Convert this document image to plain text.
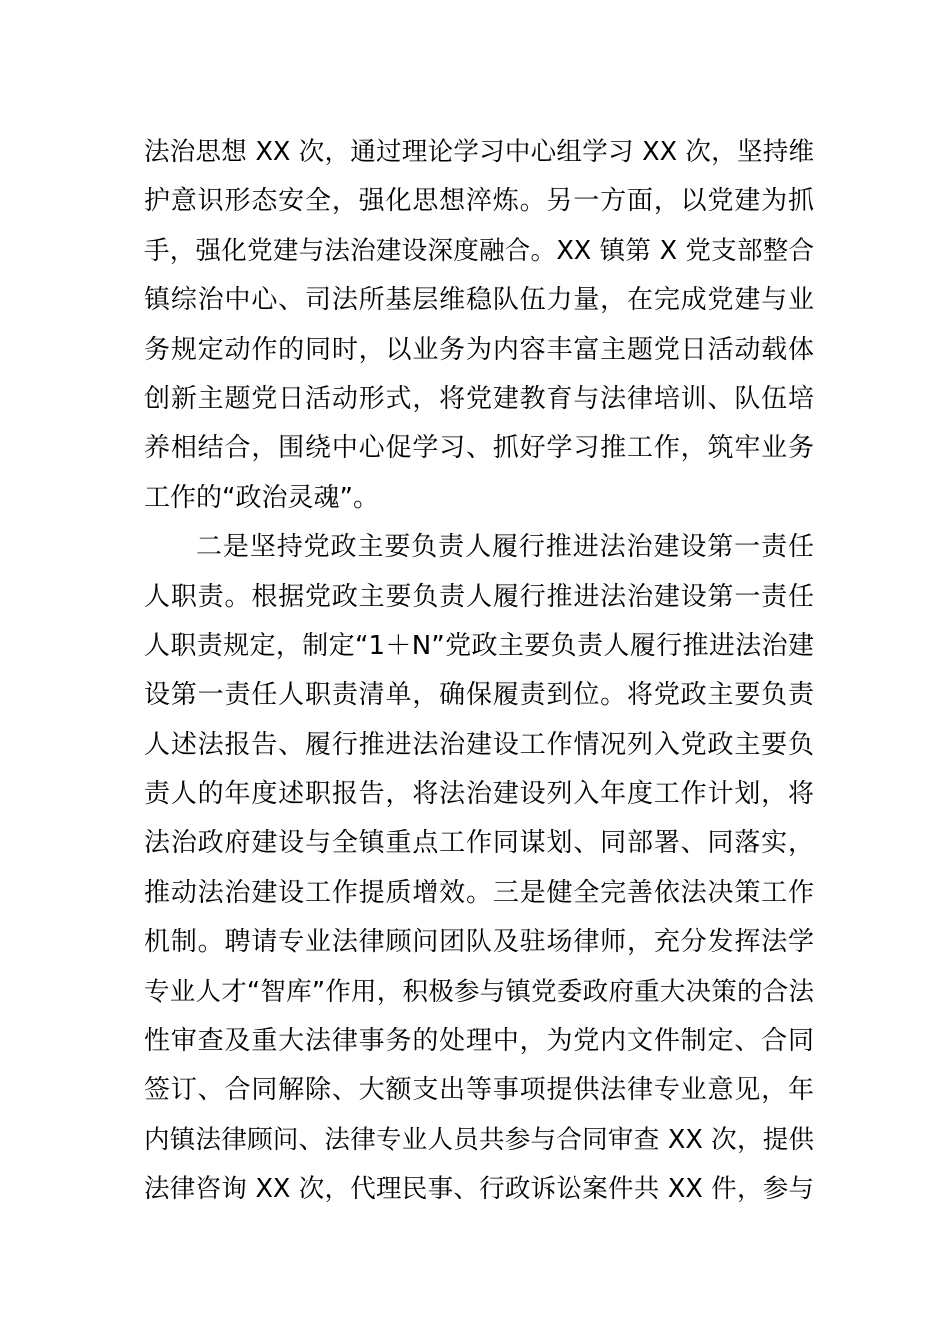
法治思想 XX 次，通过理论学习中心组学习 XX 次，坚持维
护意识形态安全，强化思想淬炼。另一方面，以党建为抓
手，强化党建与法治建设深度融合。XX 镇第 X 党支部整合
镇综治中心、司法所基层维稳队伍力量，在完成党建与业
务规定动作的同时，以业务为内容丰富主题党日活动载体
创新主题党日活动形式，将党建教育与法律培训、队伍培
养相结合，围绕中心促学习、抓好学习推工作，筑牢业务
工作的“政治灵魂”。
二是坚持党政主要负责人履行推进法治建设第一责任
人职责。根据党政主要负责人履行推进法治建设第一责任
人职责规定，制定“1＋N”党政主要负责人履行推进法治建
设第一责任人职责清单，确保履责到位。将党政主要负责
人述法报告、履行推进法治建设工作情况列入党政主要负
责人的年度述职报告，将法治建设列入年度工作计划，将
法治政府建设与全镇重点工作同谋划、同部署、同落实，
推动法治建设工作提质增效。三是健全完善依法决策工作
机制。聘请专业法律顾问团队及驻场律师，充分发挥法学
专业人才“智库”作用，积极参与镇党委政府重大决策的合法
性审查及重大法律事务的处理中，为党内文件制定、合同
签订、合同解除、大额支出等事项提供法律专业意见，年
内镇法律顾问、法律专业人员共参与合同审查 XX 次，提供
法律咨询 XX 次，代理民事、行政诉讼案件共 XX 件，参与
